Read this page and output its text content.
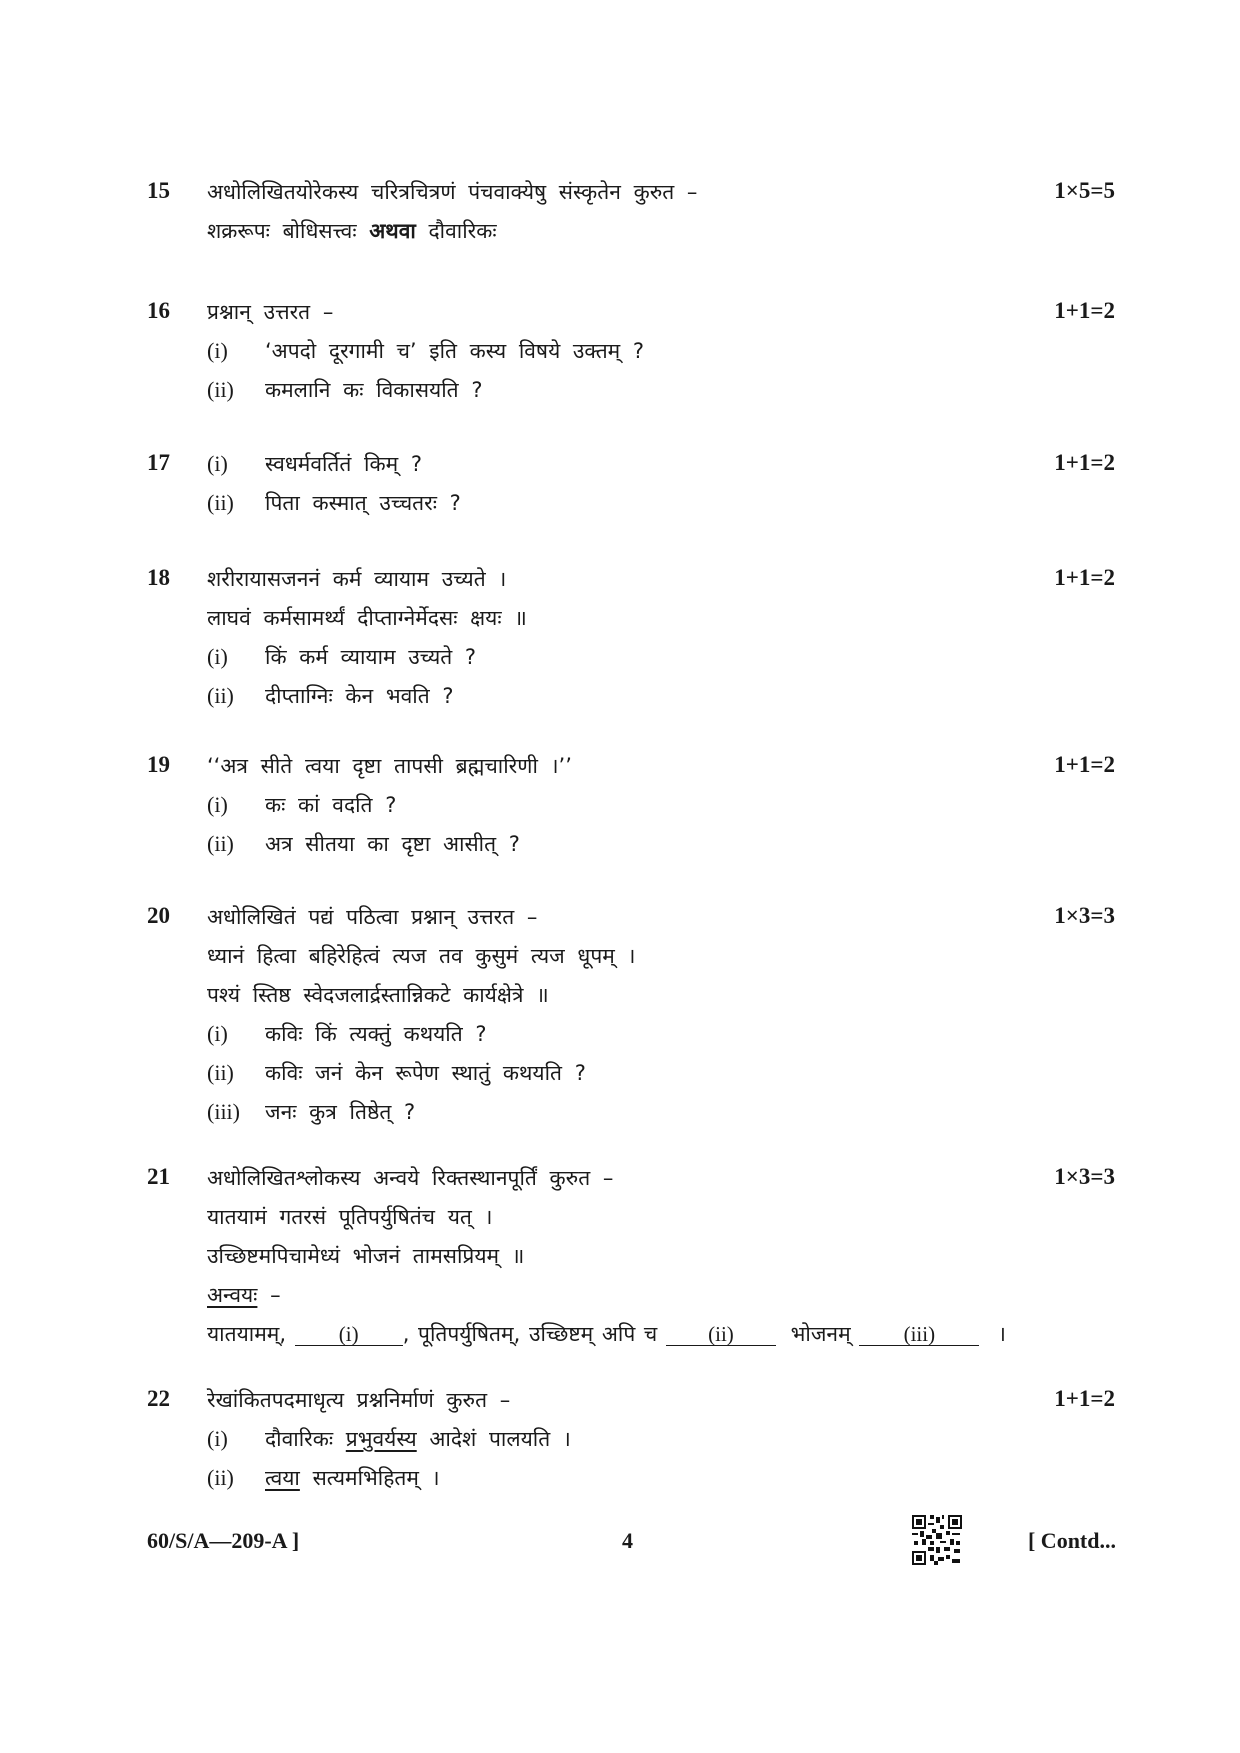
15 अधोलिखितयोरेकस्य चरित्रचित्रणं पंचवाक्येषु संस्कृतेन कुरुत –	1×5=5
शक्ररूपः बोधिसत्त्वः अथवा दौवारिकः
16 प्रश्नान् उत्तरत –	1+1=2
(i) ‘अपदो दूरगामी च’ इति कस्य विषये उक्तम् ?
(ii) कमलानि कः विकासयति ?
17	1+1=2
(i) स्वधर्मवर्तितं किम् ?
(ii) पिता कस्मात् उच्चतरः ?
18 शरीरायासजननं कर्म व्यायाम उच्यते ।	1+1=2
लाघवं कर्मसामर्थ्यं दीप्ताग्नेर्मेदसः क्षयः ॥
(i) किं कर्म व्यायाम उच्यते ?
(ii) दीप्ताग्निः केन भवति ?
19 ‘‘अत्र सीते त्वया दृष्टा तापसी ब्रह्मचारिणी ।’’	1+1=2
(i) कः कां वदति ?
(ii) अत्र सीतया का दृष्टा आसीत् ?
20 अधोलिखितं पद्यं पठित्वा प्रश्नान् उत्तरत –	1×3=3
ध्यानं हित्वा बहिरेहित्वं त्यज तव कुसुमं त्यज धूपम् ।
पश्यं स्तिष्ठ स्वेदजलार्द्रस्तान्निकटे कार्यक्षेत्रे ॥
(i) कविः किं त्यक्तुं कथयति ?
(ii) कविः जनं केन रूपेण स्थातुं कथयति ?
(iii) जनः कुत्र तिष्ठेत् ?
21 अधोलिखितश्लोकस्य अन्वये रिक्तस्थानपूर्तिं कुरुत –	1×3=3
यातयामं गतरसं पूतिपर्युषितंच यत् ।
उच्छिष्टमपिचामेध्यं भोजनं तामसप्रियम् ॥
अन्वयः –
यातयामम्,	(i) , पूतिपर्युषितम्, उच्छिष्टम् अपि च (ii)	भोजनम्	(iii)	।
22 रेखांकितपदमाधृत्य प्रश्ननिर्माणं कुरुत –	1+1=2
(i) दौवारिकः प्रभुवर्यस्य आदेशं पालयति ।
(ii) त्वया सत्यमभिहितम् ।
60/S/A—209-A ]	4	[ Contd...
